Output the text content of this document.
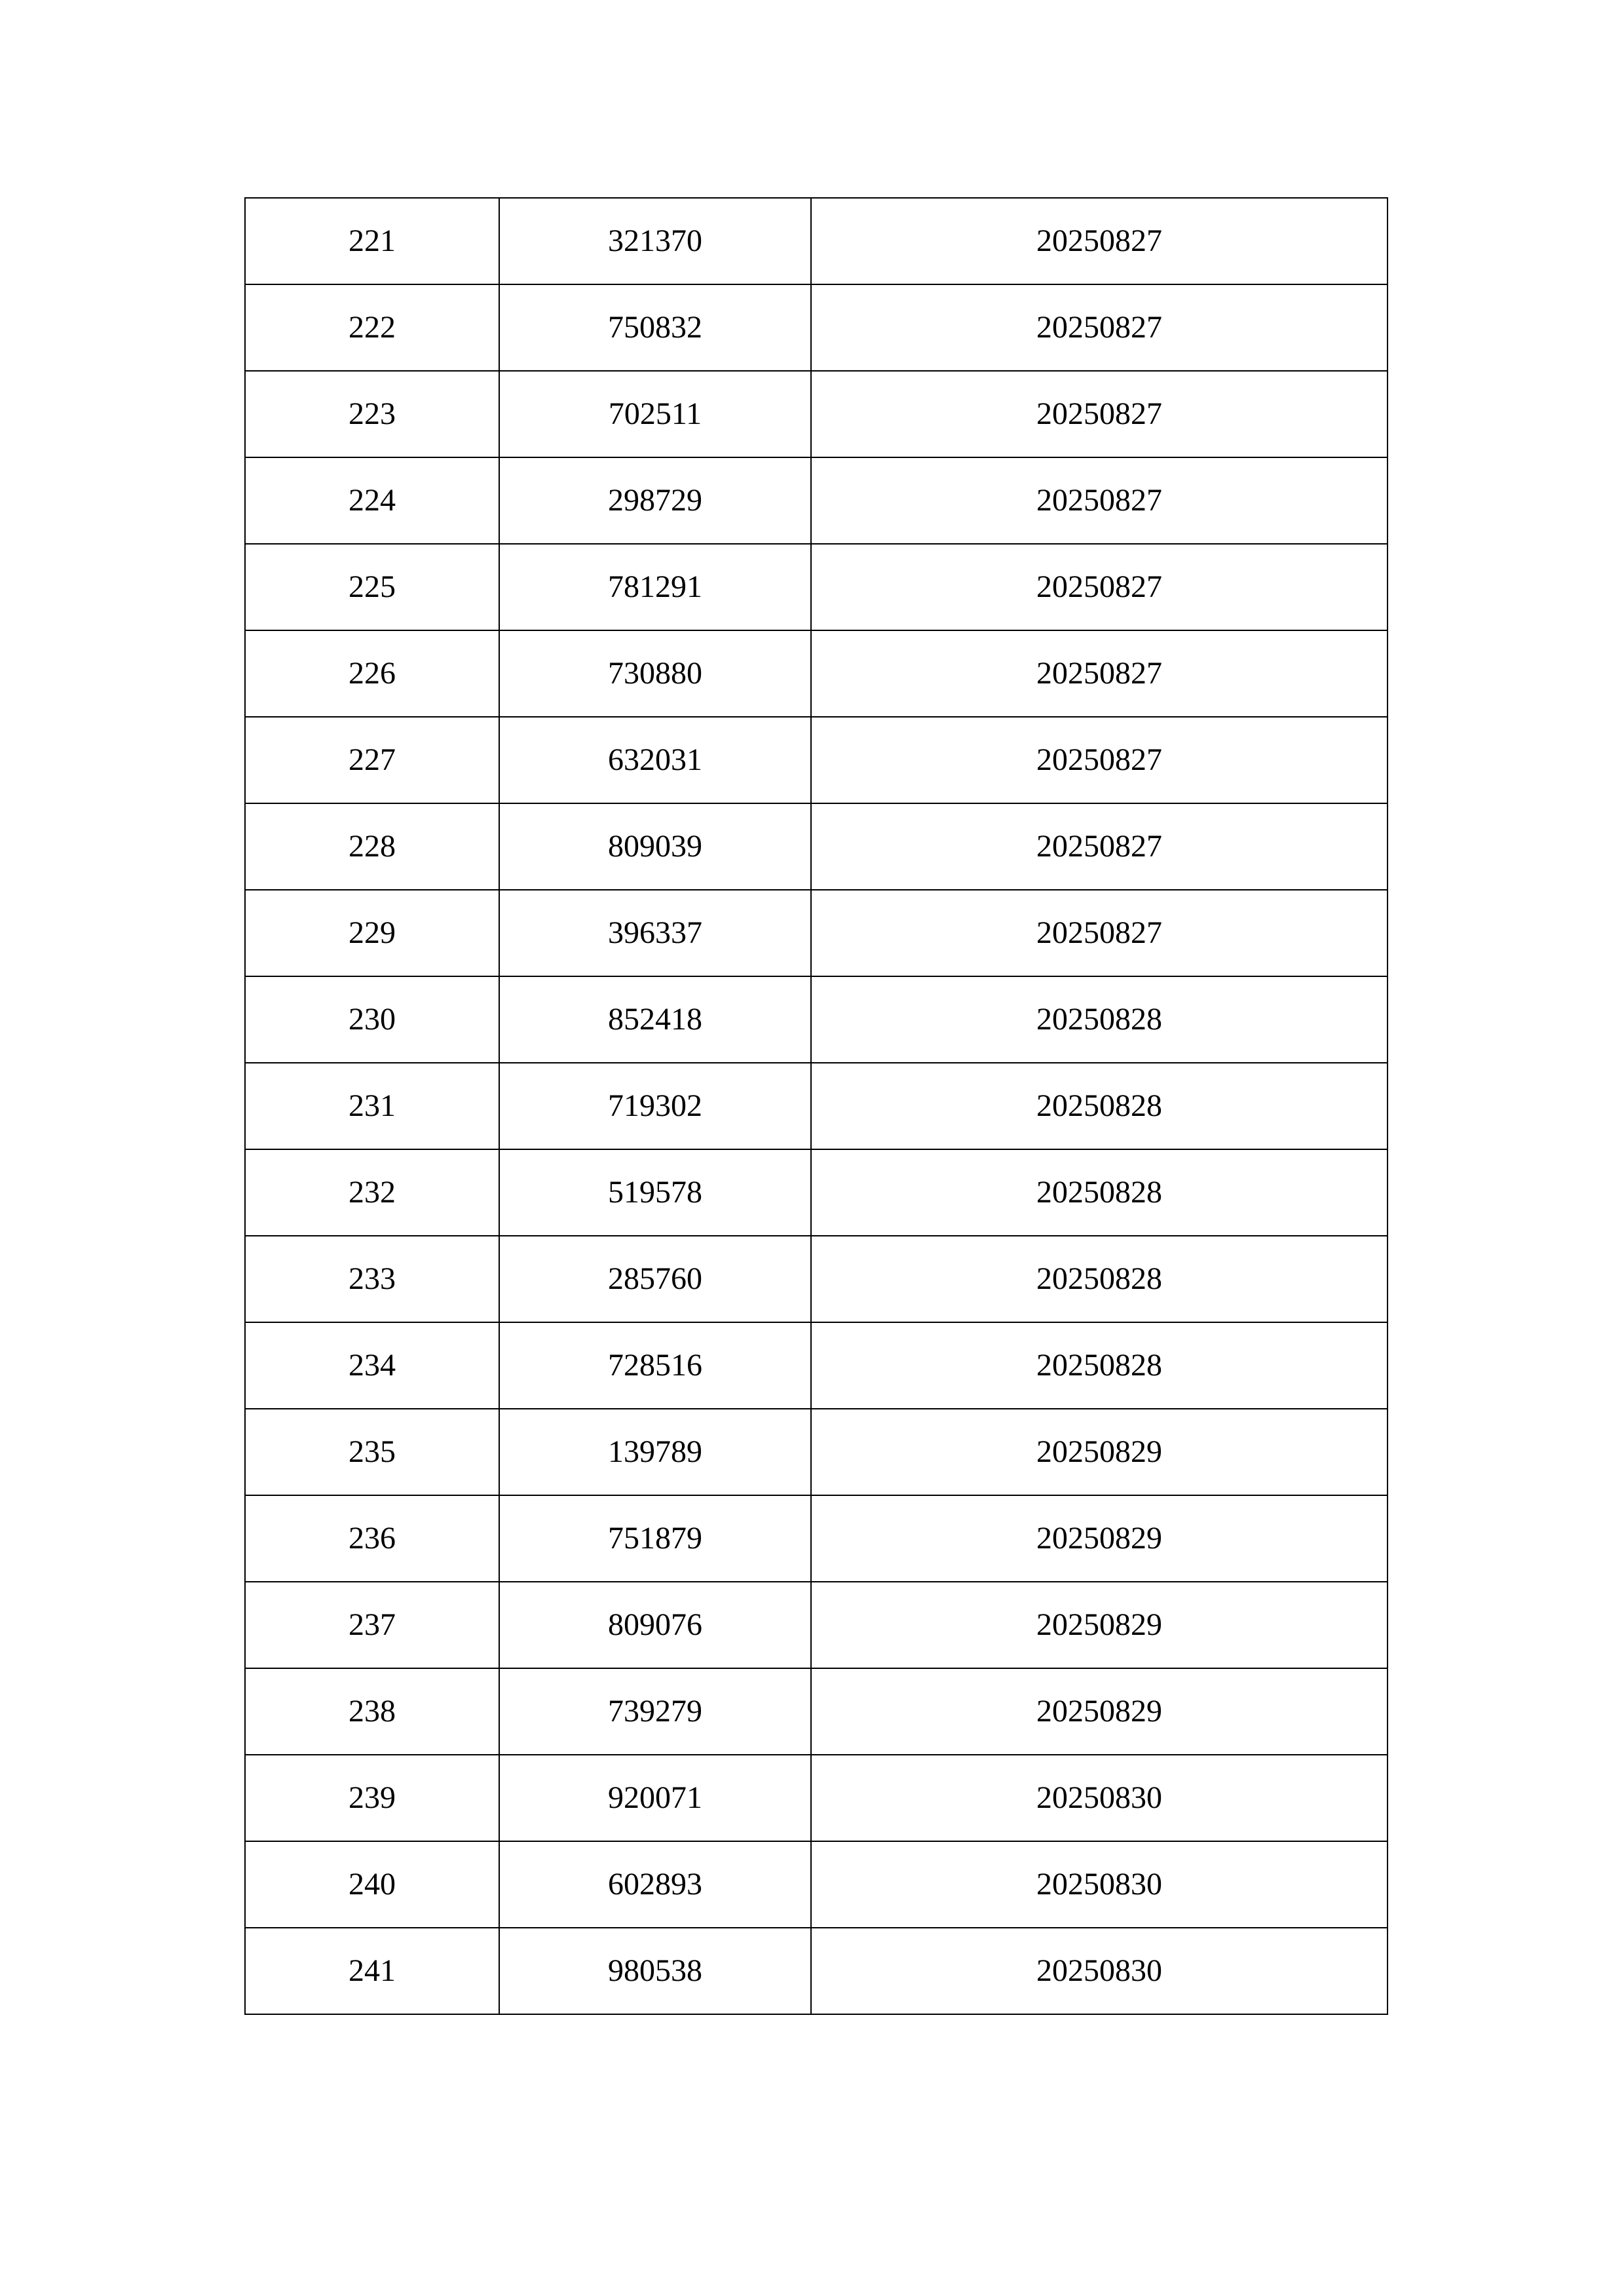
221	321370	20250827
222	750832	20250827
223	702511	20250827
224	298729	20250827
225	781291	20250827
226	730880	20250827
227	632031	20250827
228	809039	20250827
229	396337	20250827
230	852418	20250828
231	719302	20250828
232	519578	20250828
233	285760	20250828
234	728516	20250828
235	139789	20250829
236	751879	20250829
237	809076	20250829
238	739279	20250829
239	920071	20250830
240	602893	20250830
241	980538	20250830
